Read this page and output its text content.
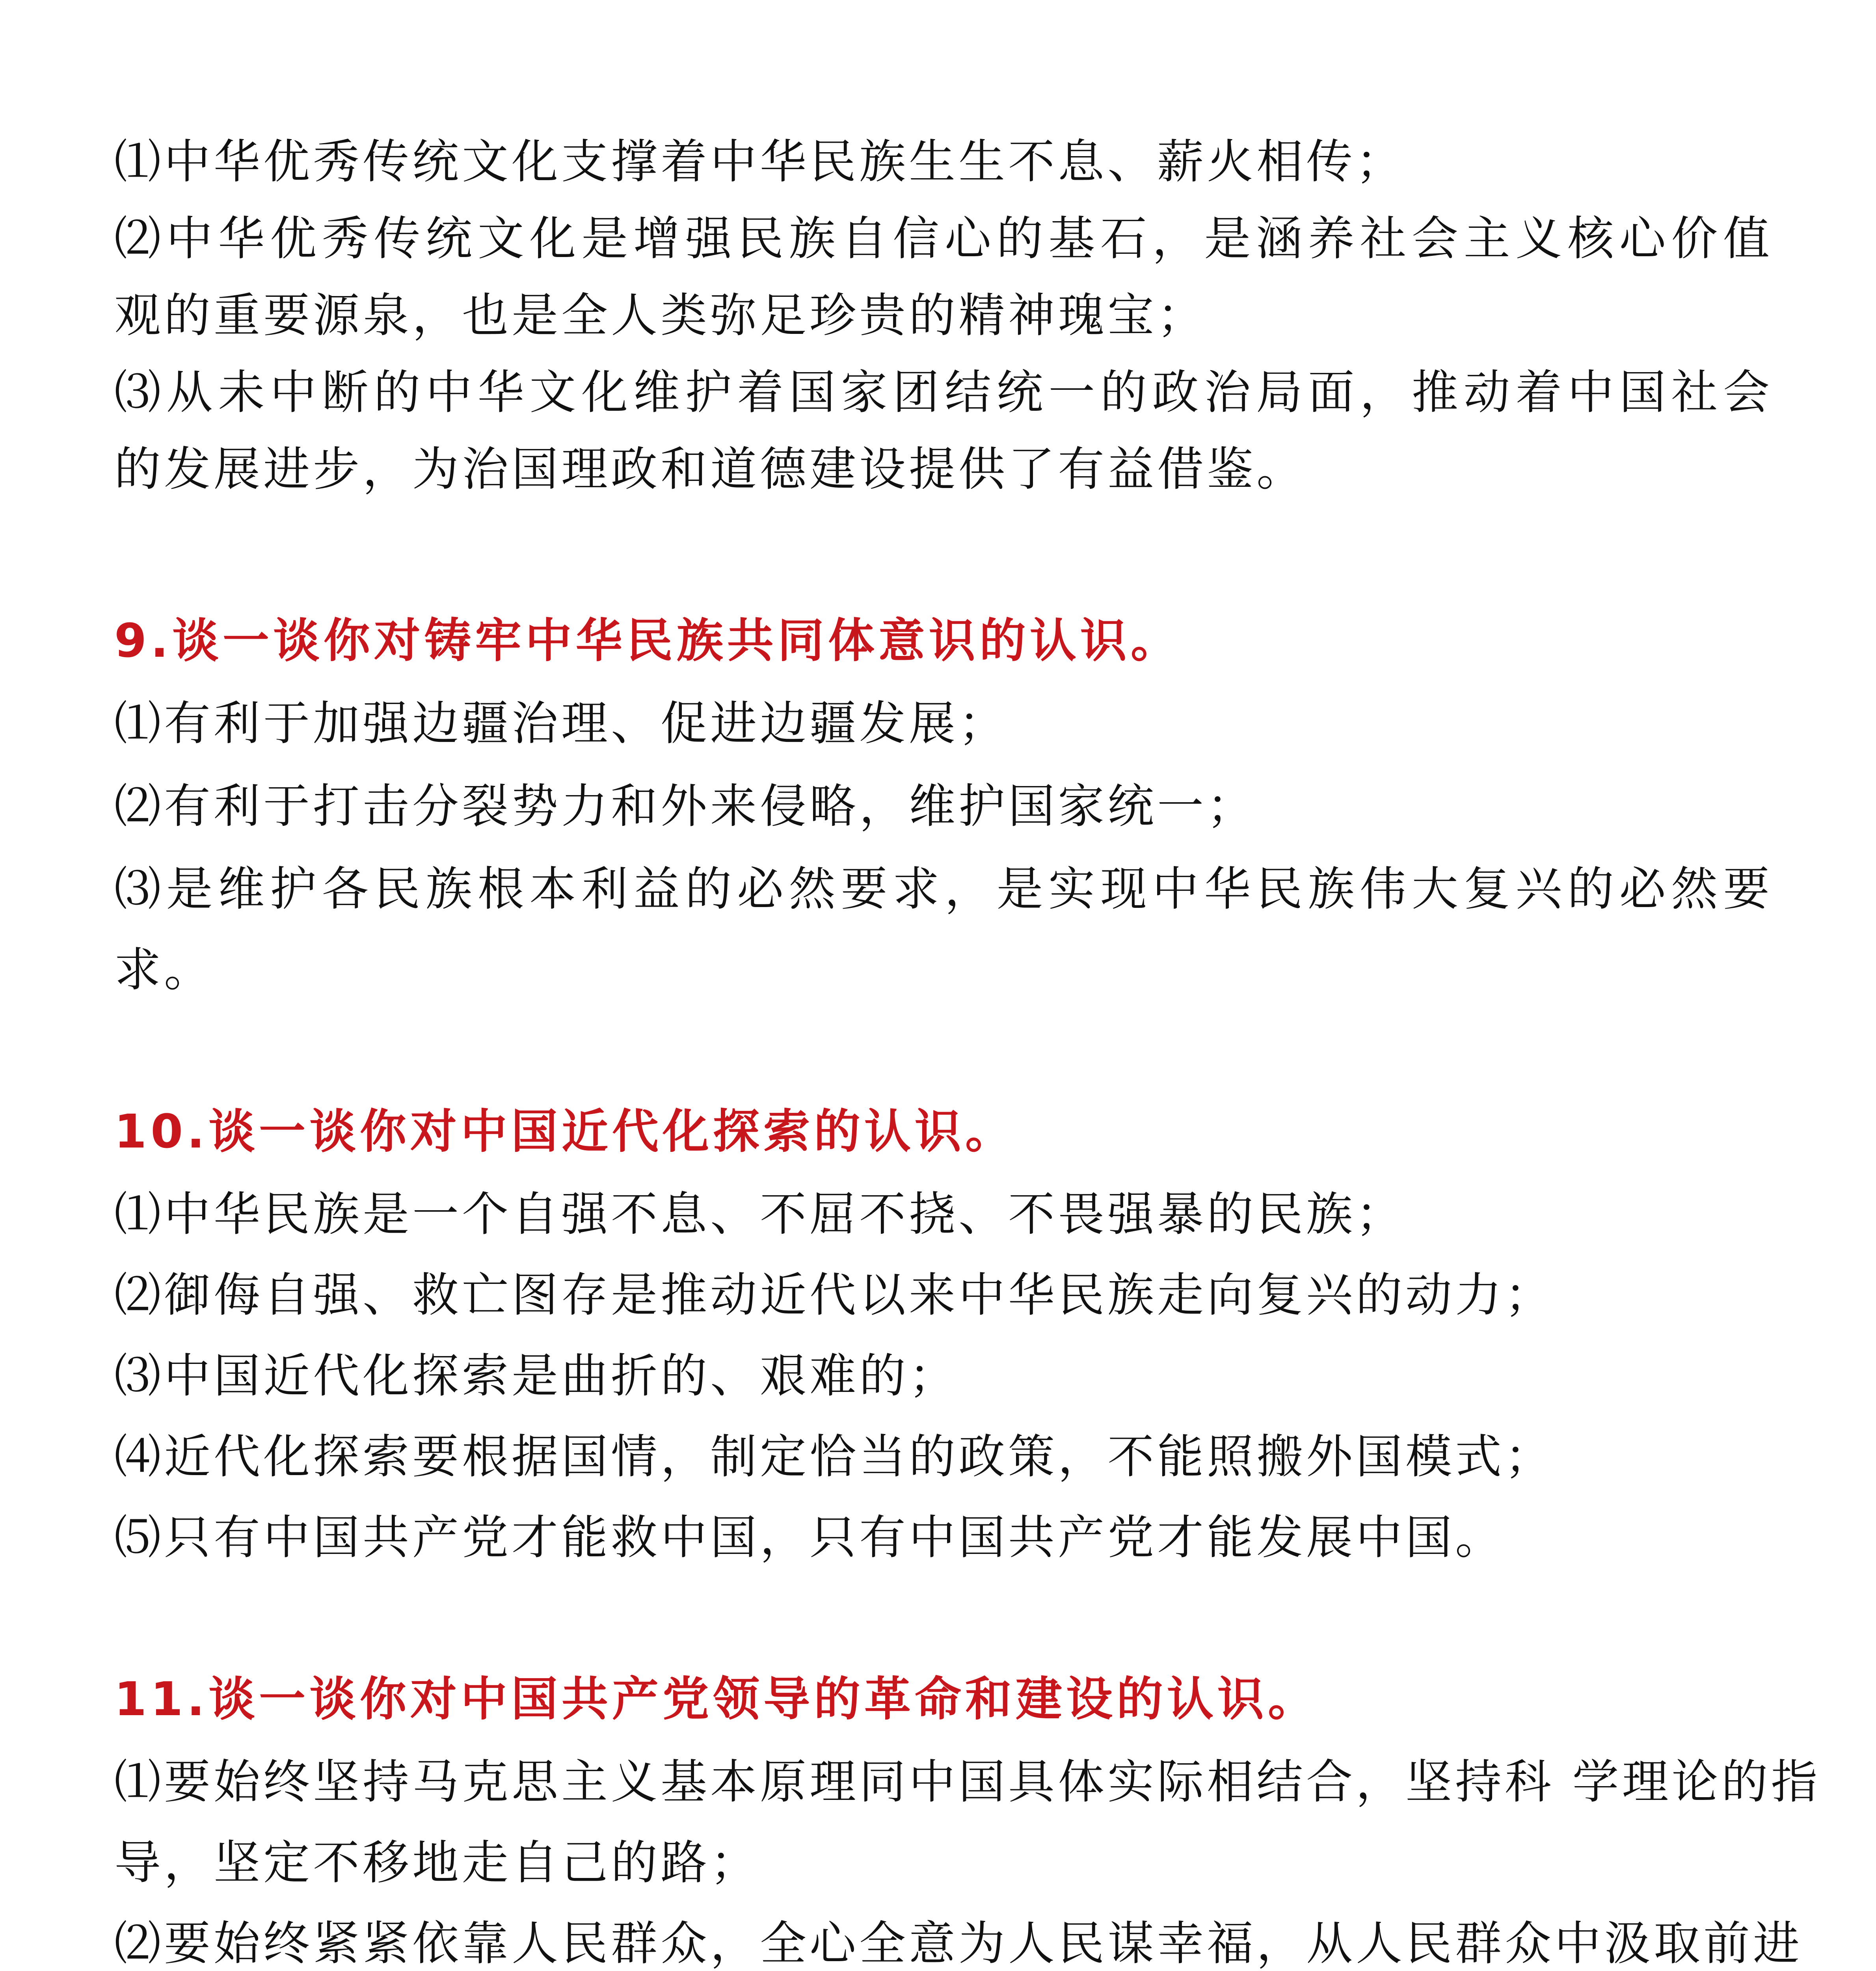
⑴中华优秀传统文化支撑着中华民族生生不息、薪火相传；
⑵中华优秀传统文化是增强民族自信心的基石，是涵养社会主义核心价值
观的重要源泉，也是全人类弥足珍贵的精神瑰宝；
⑶从未中断的中华文化维护着国家团结统一的政治局面，推动着中国社会
的发展进步，为治国理政和道德建设提供了有益借鉴。
9.谈一谈你对铸牢中华民族共同体意识的认识。
⑴有利于加强边疆治理、促进边疆发展；
⑵有利于打击分裂势力和外来侵略，维护国家统一；
⑶是维护各民族根本利益的必然要求，是实现中华民族伟大复兴的必然要
求。
10.谈一谈你对中国近代化探索的认识。
⑴中华民族是一个自强不息、不屈不挠、不畏强暴的民族；
⑵御侮自强、救亡图存是推动近代以来中华民族走向复兴的动力；
⑶中国近代化探索是曲折的、艰难的；
⑷近代化探索要根据国情，制定恰当的政策，不能照搬外国模式；
⑸只有中国共产党才能救中国，只有中国共产党才能发展中国。
11.谈一谈你对中国共产党领导的革命和建设的认识。
⑴要始终坚持马克思主义基本原理同中国具体实际相结合，坚持科 学理论的指
导，坚定不移地走自己的路；
⑵要始终紧紧依靠人民群众，全心全意为人民谋幸福，从人民群众中汲取前进
